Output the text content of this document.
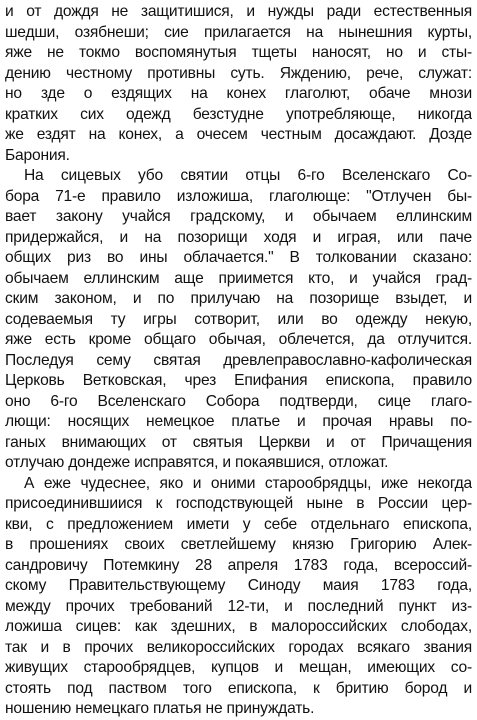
и от дождя не защитишися, и нужды ради естественныя
шедши, озябнеши; сие прилагается на нынешния курты,
яже не токмо воспомянутыя тщеты наносят, но и сты-
дению честному противны суть. Яждению, рече, служат:
но зде о ездящих на конех глаголют, обаче мнози
кратких сих одежд безстудне употребляюще, никогда
же ездят на конех, а очесем честным досаждают. Дозде
Барония.
На сицевых убо святии отцы 6-го Вселенскаго Со-
бора 71-е правило изложиша, глаголюще: "Отлучен бы-
вает закону учайся градскому, и обычаем еллинским
придержайся, и на позорищи ходя и играя, или паче
общих риз во ины облачается." В толковании сказано:
обычаем еллинским аще приимется кто, и учайся град-
ским законом, и по прилучаю на позорище взыдет, и
содеваемыя ту игры сотворит, или во одежду некую,
яже есть кроме общаго обычая, облечется, да отлучится.
Последуя сему святая древлеправославно-кафолическая
Церковь Ветковская, чрез Епифания епископа, правило
оно 6-го Вселенскаго Собора подтверди, сице глаго-
лющи: носящих немецкое платье и прочая нравы по-
ганых внимающих от святыя Церкви и от Причащения
отлучаю дондеже исправятся, и покаявшися, отложат.
А еже чудеснее, яко и оними старообрядцы, иже некогда
присоединившиися к господствующей ныне в России цер-
кви, с предложением имети у себе отдельнаго епископа,
в прошениях своих светлейшему князю Григорию Алек-
сандровичу Потемкину 28 апреля 1783 года, всероссий-
скому Правительствующему Синоду маия 1783 года,
между прочих требований 12-ти, и последний пункт из-
ложиша сицев: как здешних, в малороссийских слободах,
так и в прочих великороссийских городах всякаго звания
живущих старообрядцев, купцов и мещан, имеющих со-
стоять под паством того епископа, к бритию бород и
ношению немецкаго платья не принуждать.
